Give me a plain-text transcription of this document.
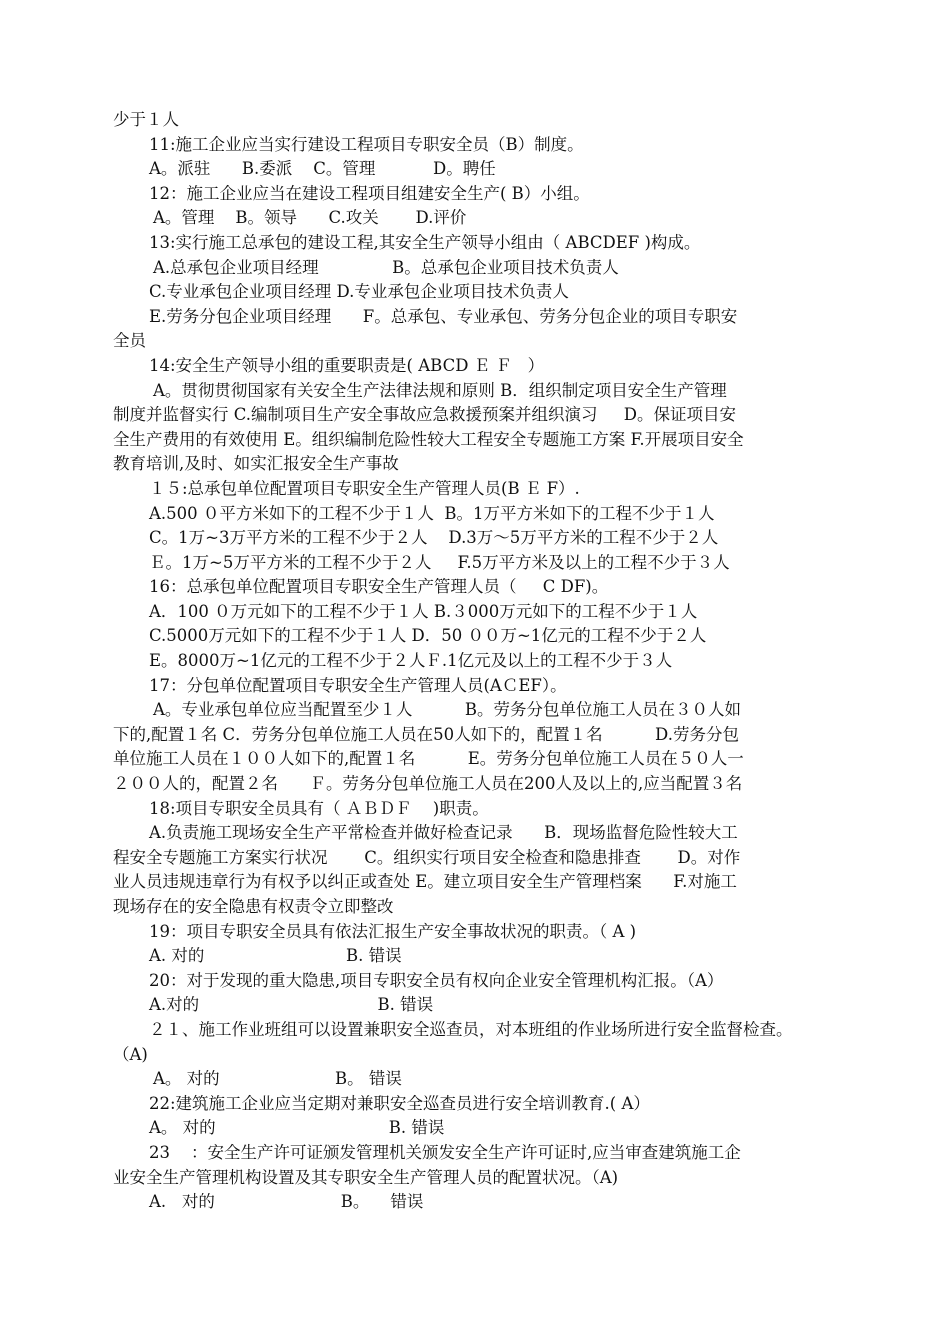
少于１人
11:施工企业应当实行建设工程项目专职安全员（B）制度。
A。派驻      B.委派    C。管理           D。聘任
12：施工企业应当在建设工程项目组建安全生产( B）小组。
A。管理    B。领导      C.攻关       D.评价
13:实行施工总承包的建设工程,其安全生产领导小组由（ ABCDEF )构成。
A.总承包企业项目经理              B。总承包企业项目技术负责人
C.专业承包企业项目经理 D.专业承包企业项目技术负责人
E.劳务分包企业项目经理      F。总承包、专业承包、劳务分包企业的项目专职安
全员
14:安全生产领导小组的重要职责是( ABCD Ｅ Ｆ   ）
A。贯彻贯彻国家有关安全生产法律法规和原则 B．组织制定项目安全生产管理
制度并监督实行 C.编制项目生产安全事故应急救援预案并组织演习     D。保证项目安
全生产费用的有效使用 E。组织编制危险性较大工程安全专题施工方案 F.开展项目安全
教育培训,及时、如实汇报安全生产事故
１５:总承包单位配置项目专职安全生产管理人员(B Ｅ F）.
A.500 ０平方米如下的工程不少于１人  B。1万平方米如下的工程不少于１人
C。1万~3万平方米的工程不少于２人    D.3万～5万平方米的工程不少于２人
Ｅ。1万~5万平方米的工程不少于２人     F.5万平方米及以上的工程不少于３人
16：总承包单位配置项目专职安全生产管理人员（     C DF)。
A．100 ０万元如下的工程不少于１人 B.３000万元如下的工程不少于１人
C.5000万元如下的工程不少于１人 D．50 ００万~1亿元的工程不少于２人
E。8000万~1亿元的工程不少于２人Ｆ.1亿元及以上的工程不少于３人
17：分包单位配置项目专职安全生产管理人员(AＣEF）。
A。专业承包单位应当配置至少１人          B。劳务分包单位施工人员在３０人如
下的,配置１名 C．劳务分包单位施工人员在50人如下的，配置１名          D.劳务分包
单位施工人员在１００人如下的,配置１名          E。劳务分包单位施工人员在５０人一
２００人的，配置２名      Ｆ。劳务分包单位施工人员在200人及以上的,应当配置３名
18:项目专职安全员具有（ ＡＢＤＦ    )职责。
A.负责施工现场安全生产平常检查并做好检查记录      B．现场监督危险性较大工
程安全专题施工方案实行状况       C。组织实行项目安全检查和隐患排查       D。对作
业人员违规违章行为有权予以纠正或查处 E。建立项目安全生产管理档案      F.对施工
现场存在的安全隐患有权责令立即整改
19：项目专职安全员具有依法汇报生产安全事故状况的职责。（ A )
A. 对的                           B. 错误
20：对于发现的重大隐患,项目专职安全员有权向企业安全管理机构汇报。（A）
A.对的                                  B. 错误
２１、施工作业班组可以设置兼职安全巡查员，对本班组的作业场所进行安全监督检查。
（A)
A。 对的                      B。 错误
22:建筑施工企业应当定期对兼职安全巡查员进行安全培训教育.( A）
A。 对的                                 B. 错误
23    ：安全生产许可证颁发管理机关颁发安全生产许可证时,应当审查建筑施工企
业安全生产管理机构设置及其专职安全生产管理人员的配置状况。（A)
A.   对的                        B。    错误
